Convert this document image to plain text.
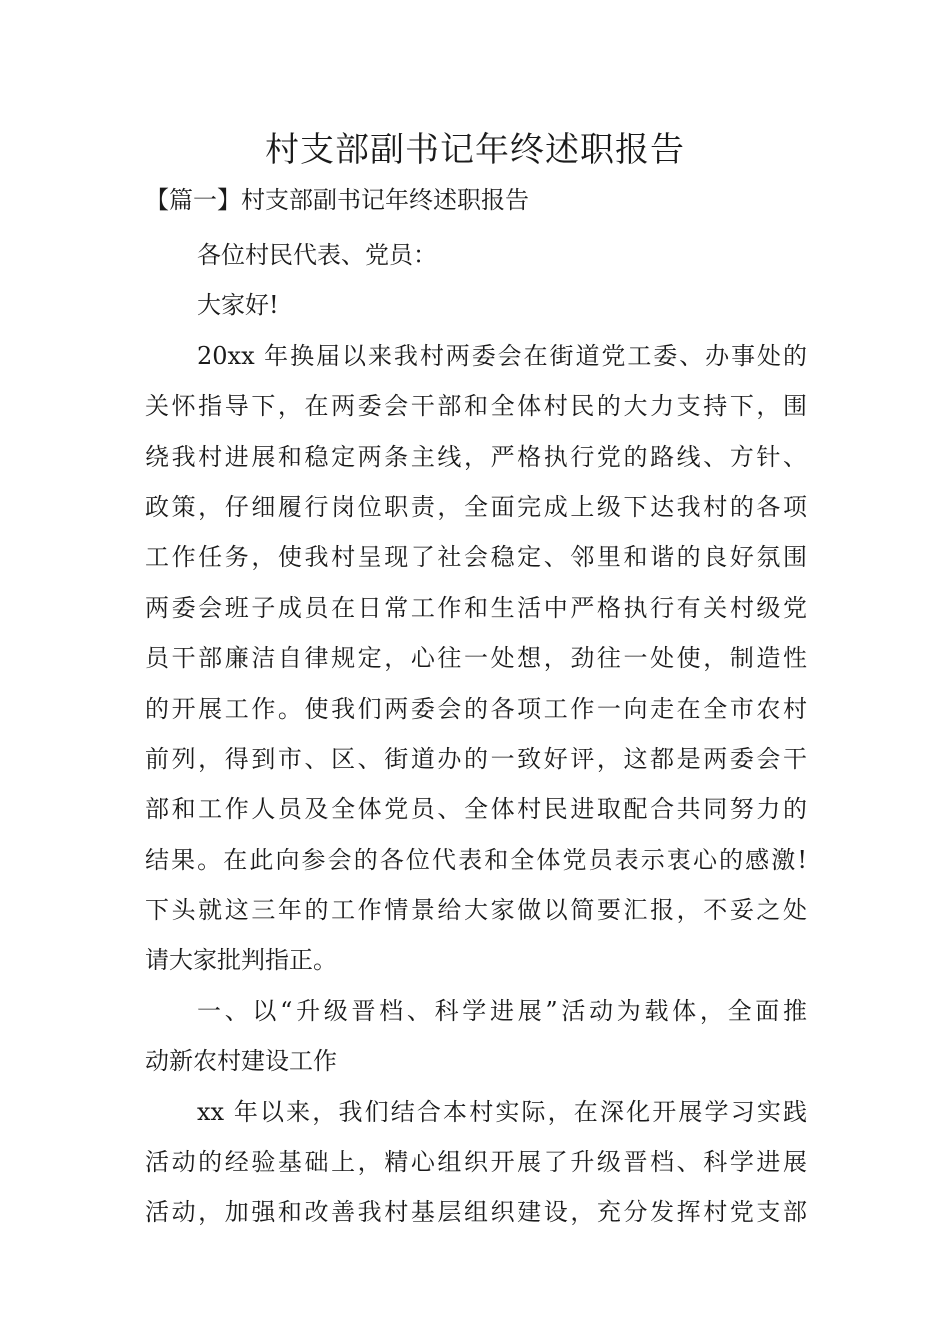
村支部副书记年终述职报告
【篇一】村支部副书记年终述职报告
各位村民代表、党员：
大家好!
20xx 年换届以来我村两委会在街道党工委、办事处的
关怀指导下，在两委会干部和全体村民的大力支持下，围
绕我村进展和稳定两条主线，严格执行党的路线、方针、
政策，仔细履行岗位职责，全面完成上级下达我村的各项
工作任务，使我村呈现了社会稳定、邻里和谐的良好氛围
两委会班子成员在日常工作和生活中严格执行有关村级党
员干部廉洁自律规定，心往一处想，劲往一处使，制造性
的开展工作。使我们两委会的各项工作一向走在全市农村
前列，得到市、区、街道办的一致好评，这都是两委会干
部和工作人员及全体党员、全体村民进取配合共同努力的
结果。在此向参会的各位代表和全体党员表示衷心的感激!
下头就这三年的工作情景给大家做以简要汇报，不妥之处
请大家批判指正。
一、以“升级晋档、科学进展”活动为载体，全面推
动新农村建设工作
xx 年以来，我们结合本村实际，在深化开展学习实践
活动的经验基础上，精心组织开展了升级晋档、科学进展
活动，加强和改善我村基层组织建设，充分发挥村党支部
